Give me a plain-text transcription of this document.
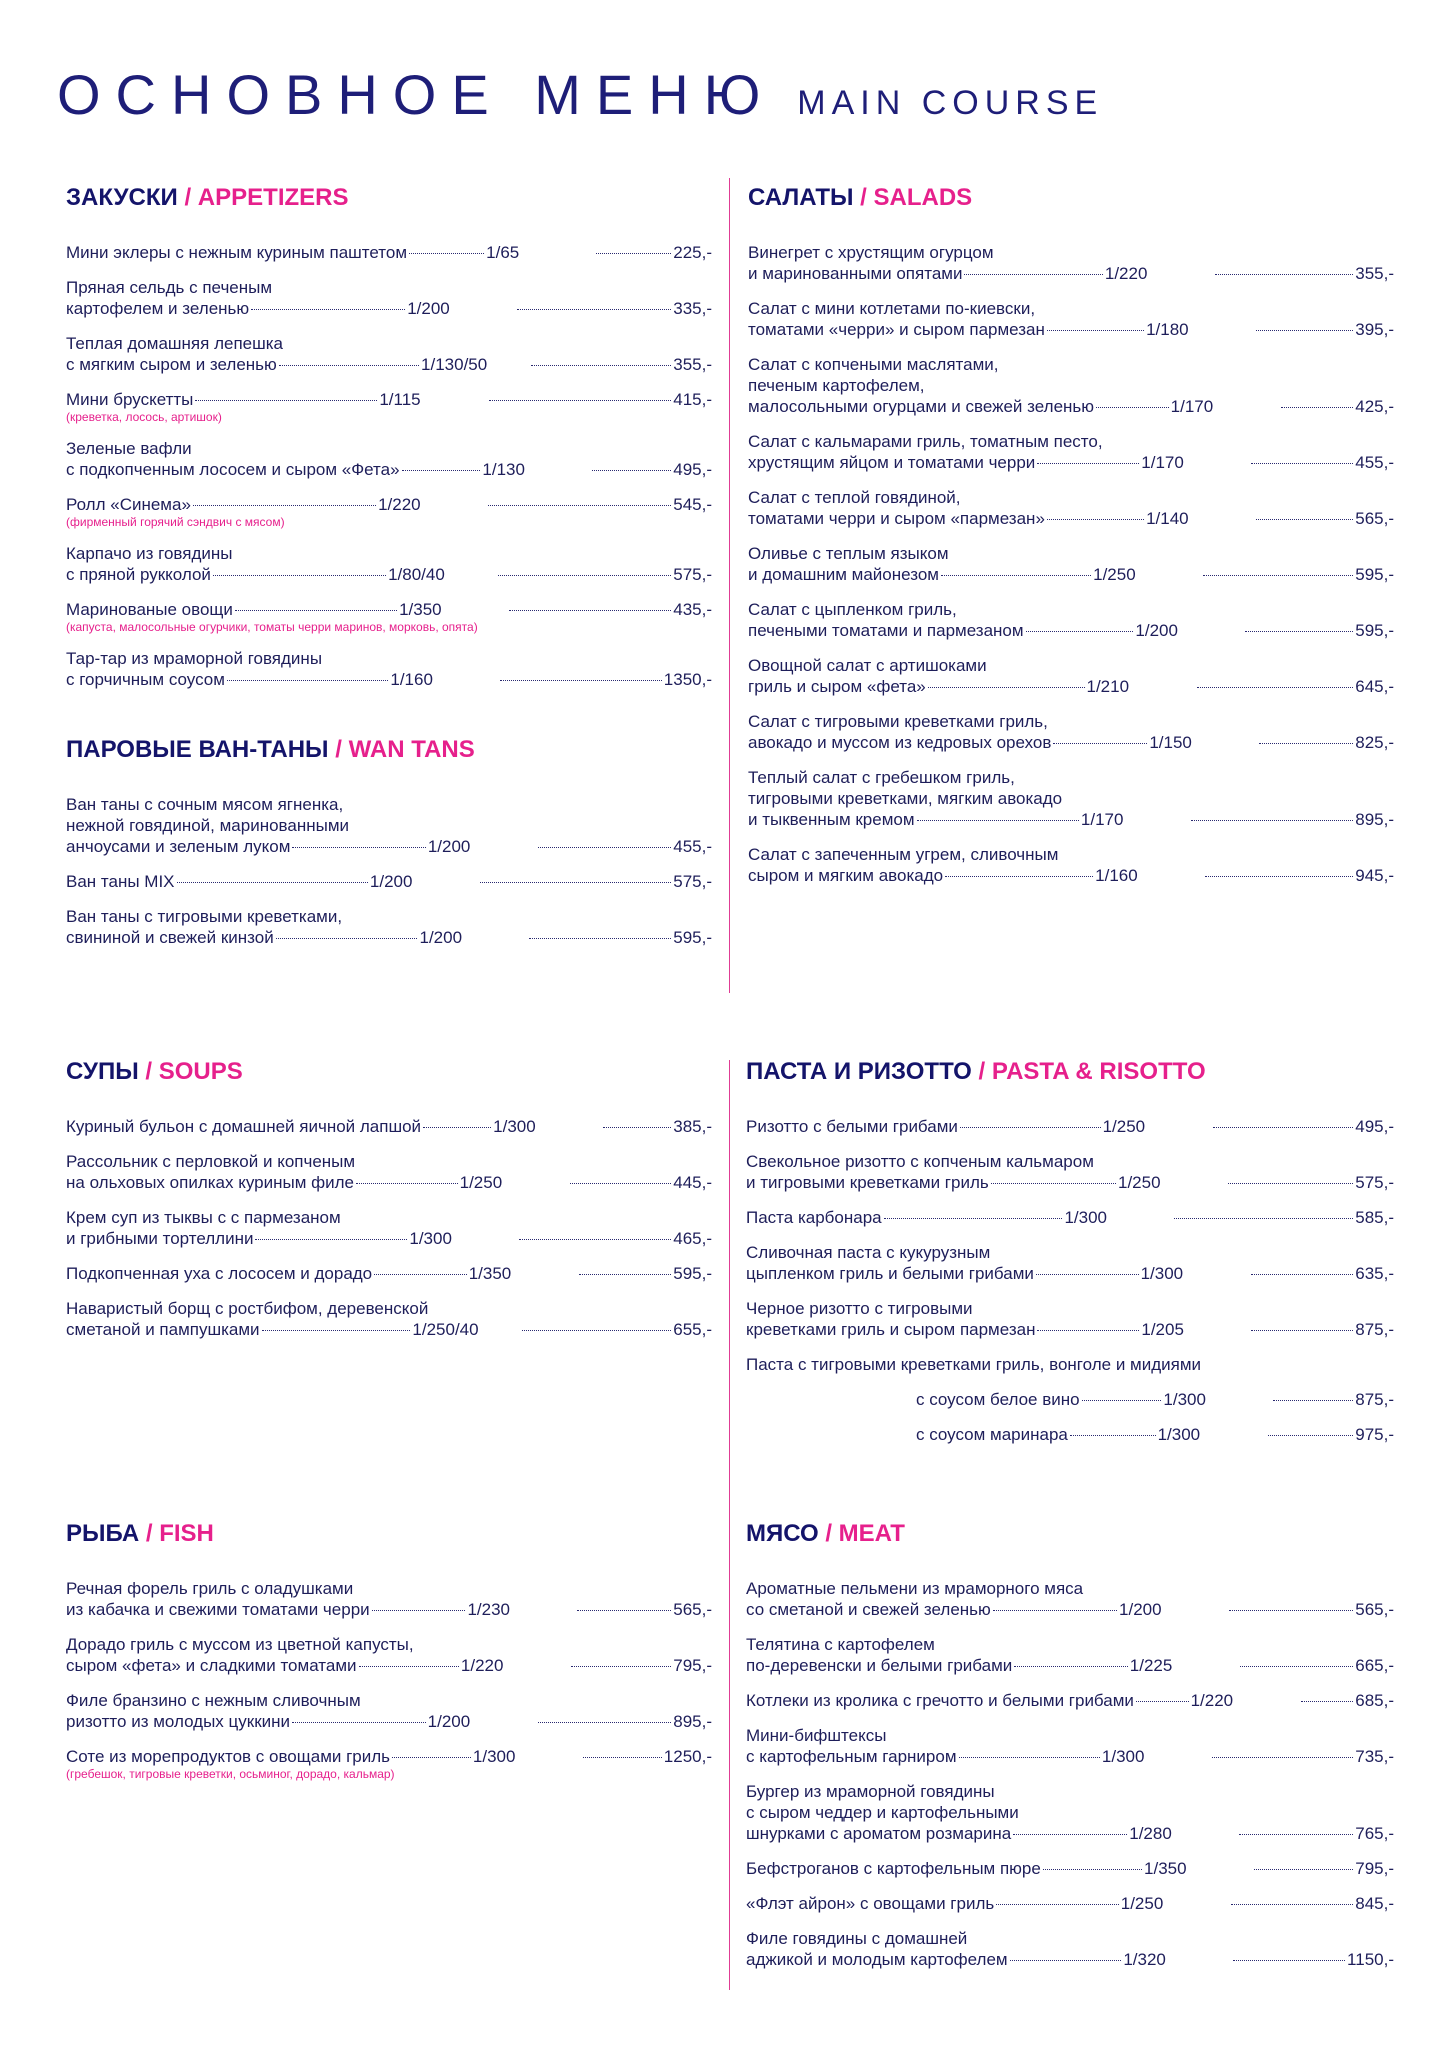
ОСНОВНОЕ МЕНЮ MAIN COURSE
ЗАКУСКИ / APPETIZERS
Мини эклеры с нежным куриным паштетом	1/65	225,-
Пряная сельдь с печеным
картофелем и зеленью	1/200	335,-
Теплая домашняя лепешка
с мягким сыром и зеленью	1/130/50	355,-
Мини брускетты	1/115	415,-
(креветка, лосось, артишок)
Зеленые вафли
с подкопченным лососем и сыром «Фета»	1/130	495,-
Ролл «Синема»	1/220	545,-
(фирменный горячий сэндвич с мясом)
Карпачо из говядины
с пряной рукколой	1/80/40	575,-
Маринованые овощи	1/350	435,-
(капуста, малосольные огурчики, томаты черри маринов, морковь, опята)
Тар-тар из мраморной говядины
с горчичным соусом	1/160	1350,-
ПАРОВЫЕ ВАН-ТАНЫ / WAN TANS
Ван таны с сочным мясом ягненка,
нежной говядиной, маринованными
анчоусами и зеленым луком	1/200	455,-
Ван таны MIX	1/200	575,-
Ван таны с тигровыми креветками,
свининой и свежей кинзой	1/200	595,-
СУПЫ / SOUPS
Куриный бульон с домашней яичной лапшой	1/300	385,-
Рассольник с перловкой и копченым
на ольховых опилках куриным филе	1/250	445,-
Крем суп из тыквы с с пармезаном
и грибными тортеллини	1/300	465,-
Подкопченная уха с лососем и дорадо	1/350	595,-
Наваристый борщ с ростбифом, деревенской
сметаной и пампушками	1/250/40	655,-
РЫБА / FISH
Речная форель гриль с оладушками
из кабачка и свежими томатами черри	1/230	565,-
Дорадо гриль с муссом из цветной капусты,
сыром «фета» и сладкими томатами	1/220	795,-
Филе бранзино с нежным сливочным
ризотто из молодых цуккини	1/200	895,-
Соте из морепродуктов с овощами гриль	1/300	1250,-
(гребешок, тигровые креветки, осьминог, дорадо, кальмар)
САЛАТЫ / SALADS
Винегрет с хрустящим огурцом
и маринованными опятами	1/220	355,-
Салат с мини котлетами по-киевски,
томатами «черри» и сыром пармезан	1/180	395,-
Салат с копчеными маслятами,
печеным картофелем,
малосольными огурцами и свежей зеленью	1/170	425,-
Салат с кальмарами гриль, томатным песто,
хрустящим яйцом и томатами черри	1/170	455,-
Салат с теплой говядиной,
томатами черри и сыром «пармезан»	1/140	565,-
Оливье с теплым языком
и домашним майонезом	1/250	595,-
Салат с цыпленком гриль,
печеными томатами и пармезаном	1/200	595,-
Овощной салат с артишоками
гриль и сыром «фета»	1/210	645,-
Салат с тигровыми креветками гриль,
авокадо и муссом из кедровых орехов	1/150	825,-
Теплый салат с гребешком гриль,
тигровыми креветками, мягким авокадо
и тыквенным кремом	1/170	895,-
Салат с запеченным угрем, сливочным
сыром и мягким авокадо	1/160	945,-
ПАСТА И РИЗОТТО / PASTA & RISOTTO
Ризотто с белыми грибами	1/250	495,-
Свекольное ризотто с копченым кальмаром
и тигровыми креветками гриль	1/250	575,-
Паста карбонара	1/300	585,-
Сливочная паста с кукурузным
цыпленком гриль и белыми грибами	1/300	635,-
Черное ризотто с тигровыми
креветками гриль и сыром пармезан	1/205	875,-
Паста с тигровыми креветками гриль, вонголе и мидиями
с соусом белое вино	1/300	875,-
с соусом маринара	1/300	975,-
МЯСО / MEAT
Ароматные пельмени из мраморного мяса
со сметаной и свежей зеленью	1/200	565,-
Телятина с картофелем
по-деревенски и белыми грибами	1/225	665,-
Котлеки из кролика с гречотто и белыми грибами	1/220	685,-
Мини-бифштексы
с картофельным гарниром	1/300	735,-
Бургер из мраморной говядины
с сыром чеддер и картофельными
шнурками с ароматом розмарина	1/280	765,-
Бефстроганов с картофельным пюре	1/350	795,-
«Флэт айрон» с овощами гриль	1/250	845,-
Филе говядины с домашней
аджикой и молодым картофелем	1/320	1150,-
